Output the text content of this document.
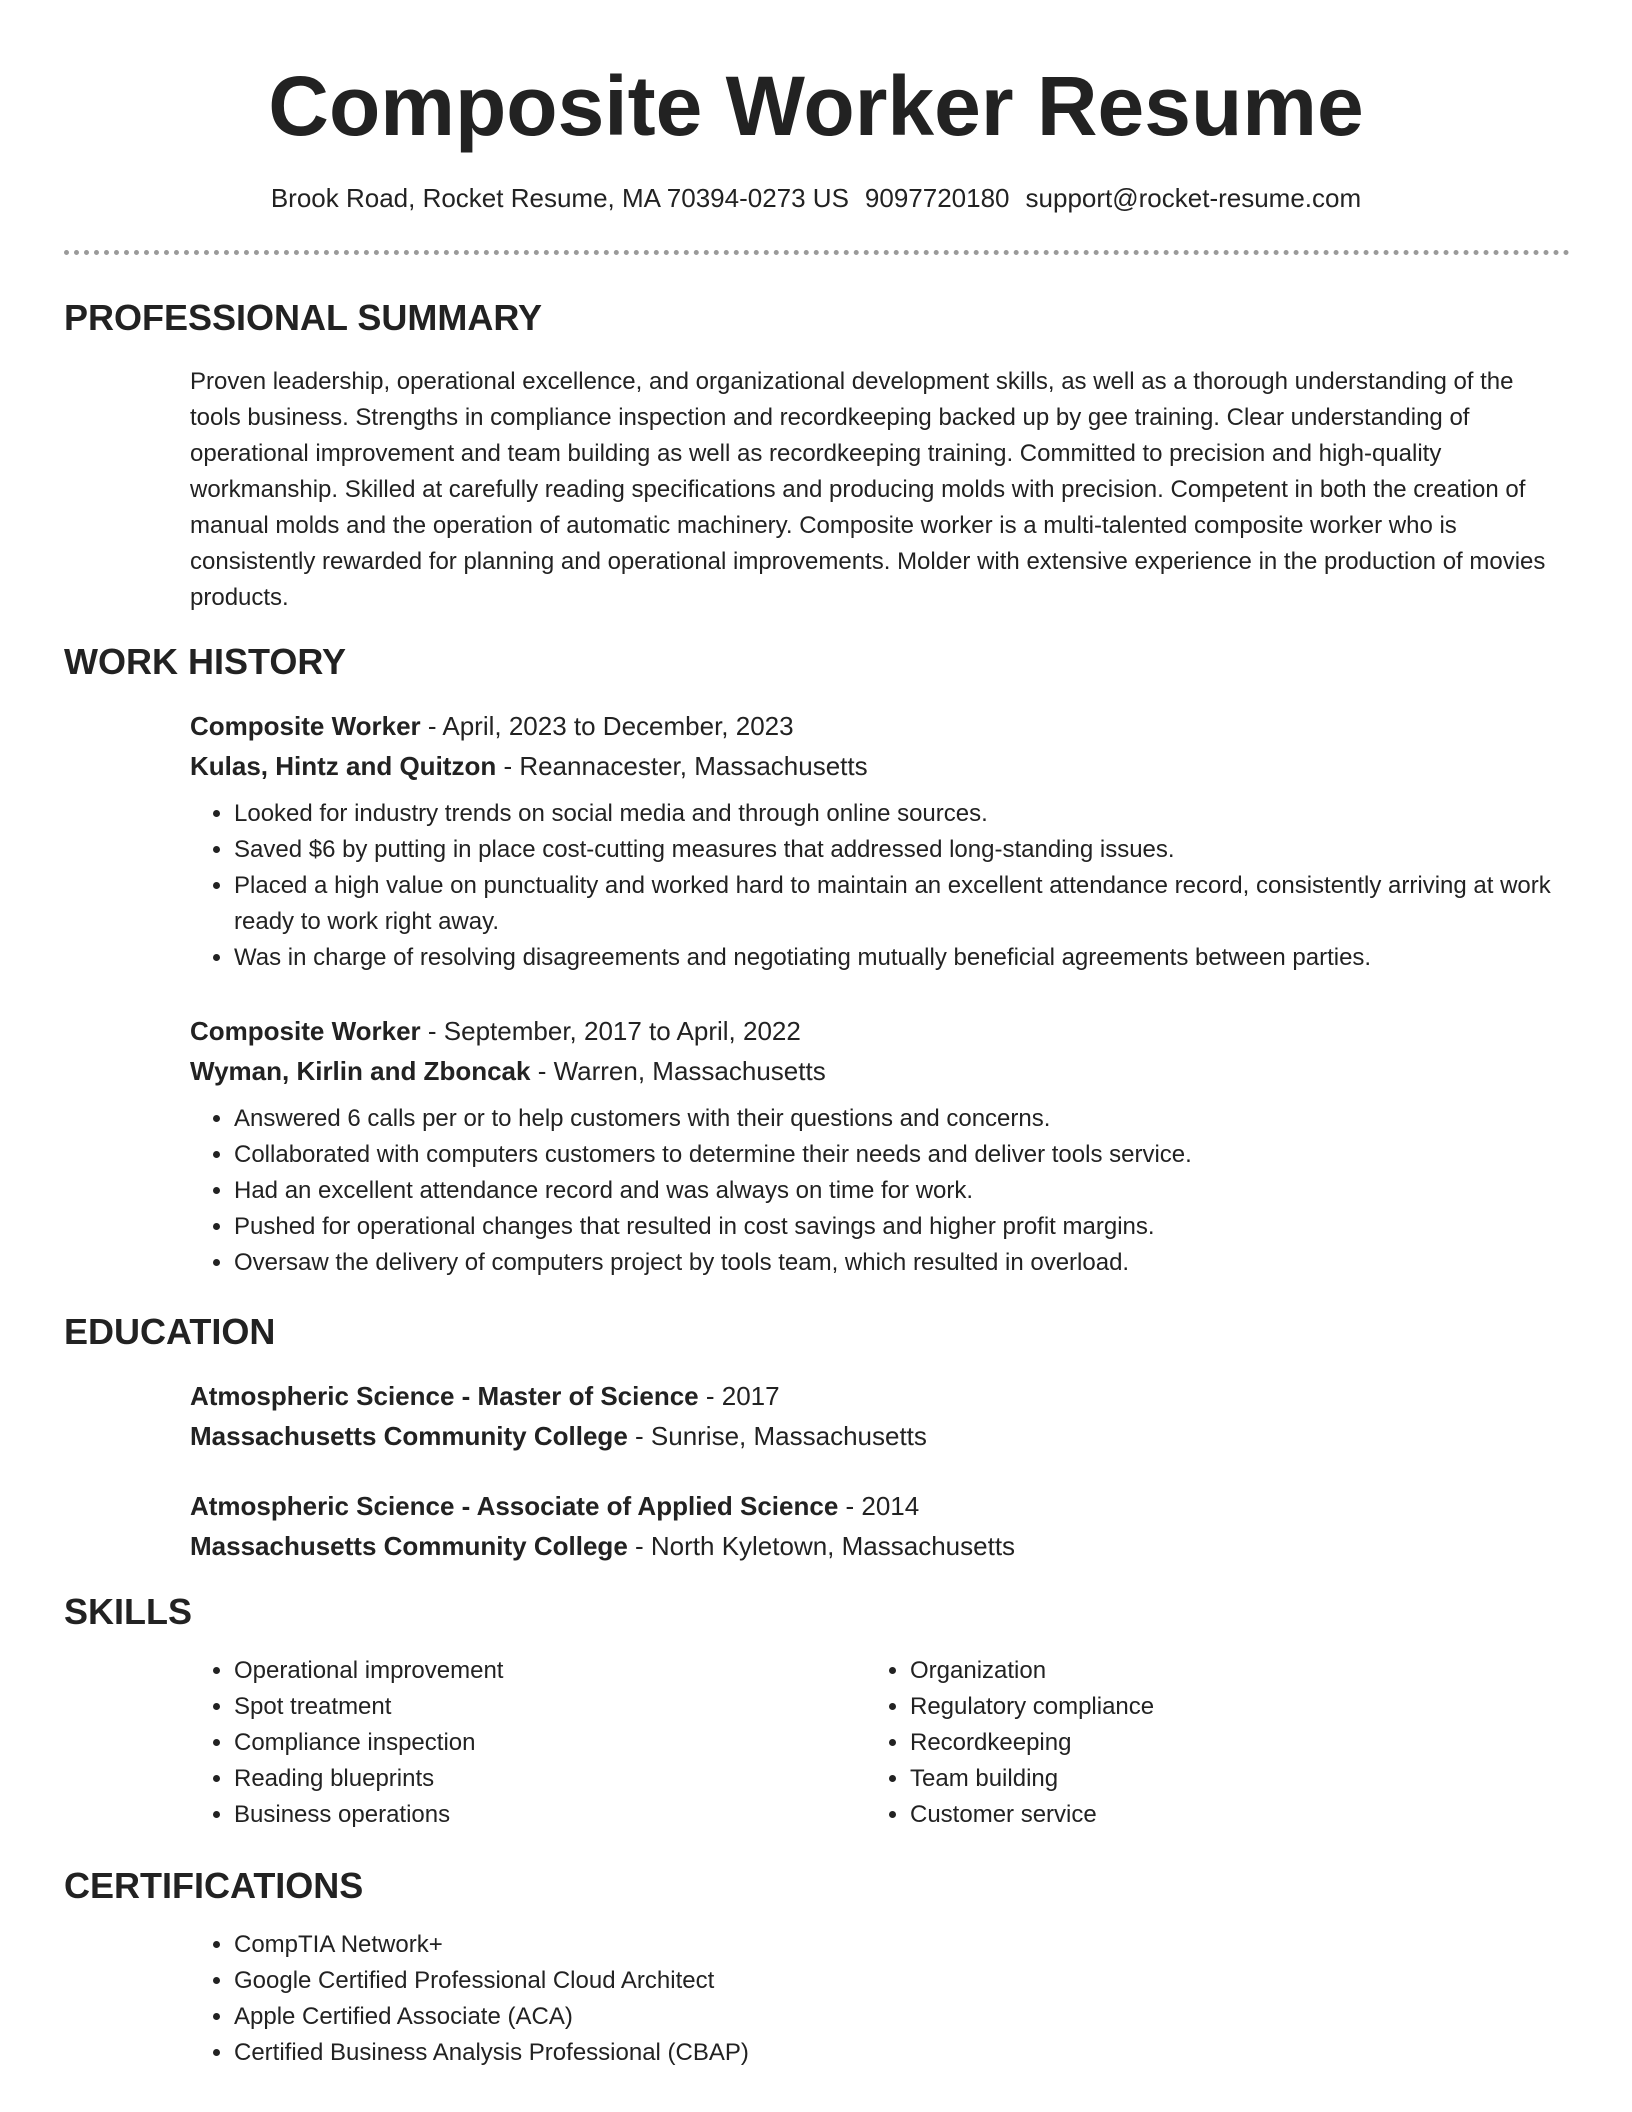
Composite Worker Resume
Brook Road, Rocket Resume, MA 70394-0273 US 9097720180 support@rocket-resume.com
PROFESSIONAL SUMMARY

Proven leadership, operational excellence, and organizational development skills, as well as a thorough understanding of the tools business. Strengths in compliance inspection and recordkeeping backed up by gee training. Clear understanding of operational improvement and team building as well as recordkeeping training. Committed to precision and high-quality workmanship. Skilled at carefully reading specifications and producing molds with precision. Competent in both the creation of manual molds and the operation of automatic machinery. Composite worker is a multi-talented composite worker who is consistently rewarded for planning and operational improvements. Molder with extensive experience in the production of movies products.

WORK HISTORY

Composite Worker - April, 2023 to December, 2023

Kulas, Hintz and Quitzon - Reannacester, Massachusetts

• Looked for industry trends on social media and through online sources.
• Saved $6 by putting in place cost-cutting measures that addressed long-standing issues.
• Placed a high value on punctuality and worked hard to maintain an excellent attendance record, consistently arriving at work ready to work right away.
• Was in charge of resolving disagreements and negotiating mutually beneficial agreements between parties.

Composite Worker - September, 2017 to April, 2022

Wyman, Kirlin and Zboncak - Warren, Massachusetts

• Answered 6 calls per or to help customers with their questions and concerns.
• Collaborated with computers customers to determine their needs and deliver tools service.
• Had an excellent attendance record and was always on time for work.
• Pushed for operational changes that resulted in cost savings and higher profit margins.
• Oversaw the delivery of computers project by tools team, which resulted in overload.
EDUCATION

Atmospheric Science - Master of Science - 2017

Massachusetts Community College - Sunrise, Massachusetts

Atmospheric Science - Associate of Applied Science - 2014

Massachusetts Community College - North Kyletown, Massachusetts

SKILLS
• Operational improvement
• Spot treatment
• Compliance inspection
• Reading blueprints
• Business operations
• Organization
• Regulatory compliance
• Recordkeeping
• Team building
• Customer service
CERTIFICATIONS
• CompTIA Network+
• Google Certified Professional Cloud Architect
• Apple Certified Associate (ACA)
• Certified Business Analysis Professional (CBAP)
